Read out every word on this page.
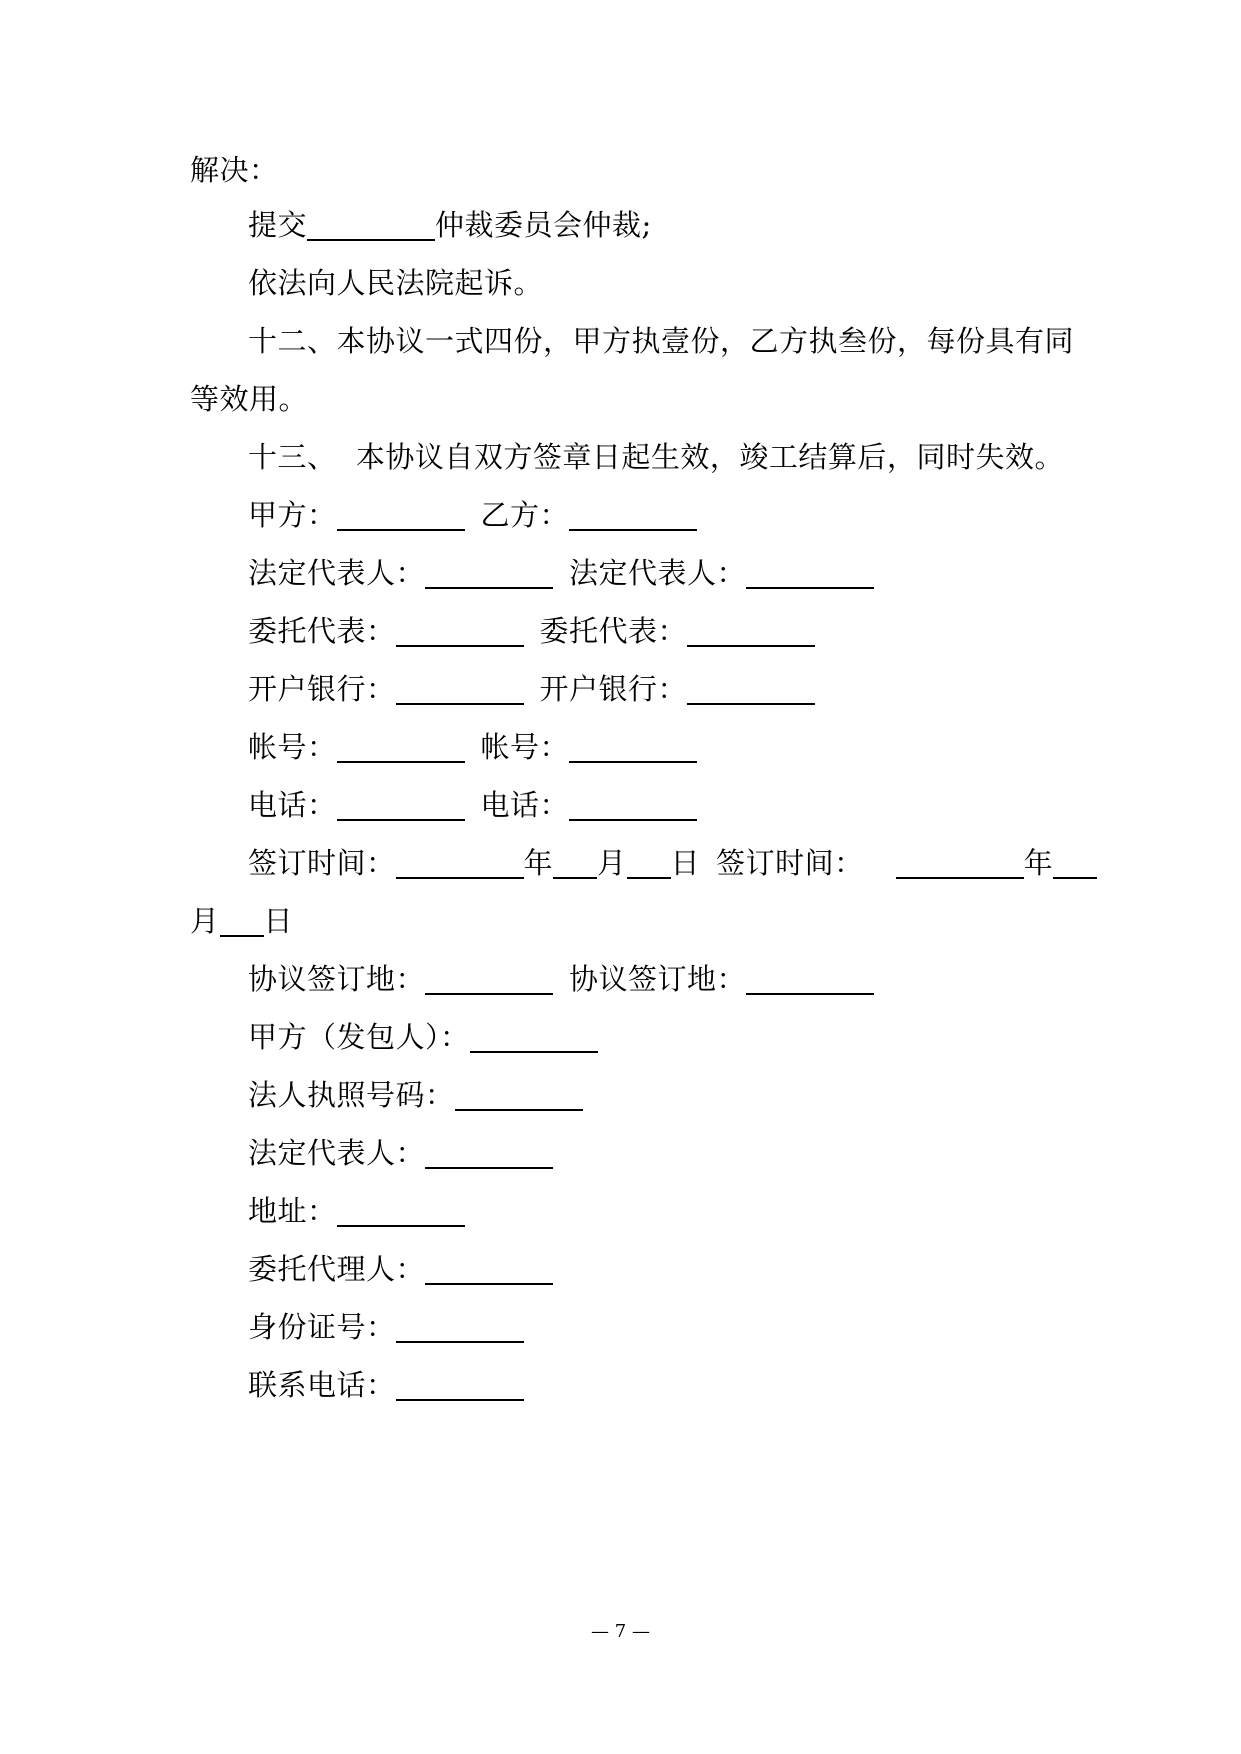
解决：
提交	仲裁委员会仲裁;
依法向人民法院起诉。
十二、本协议一式四份，甲方执壹份，乙方执叁份，每份具有同
等效用。
十三、  本协议自双方签章日起生效，竣工结算后，同时失效。
甲方：	乙方：
法定代表人：	法定代表人：
委托代表：	委托代表：
开户银行：	开户银行：
帐号：	帐号：
电话：	电话：
签订时间：	年 月 日 签订时间：	年
月 日
协议签订地：	协议签订地：
甲方（发包人）：
法人执照号码：
法定代表人：
地址：
委托代理人：
身份证号：
联系电话：
— 7 —
